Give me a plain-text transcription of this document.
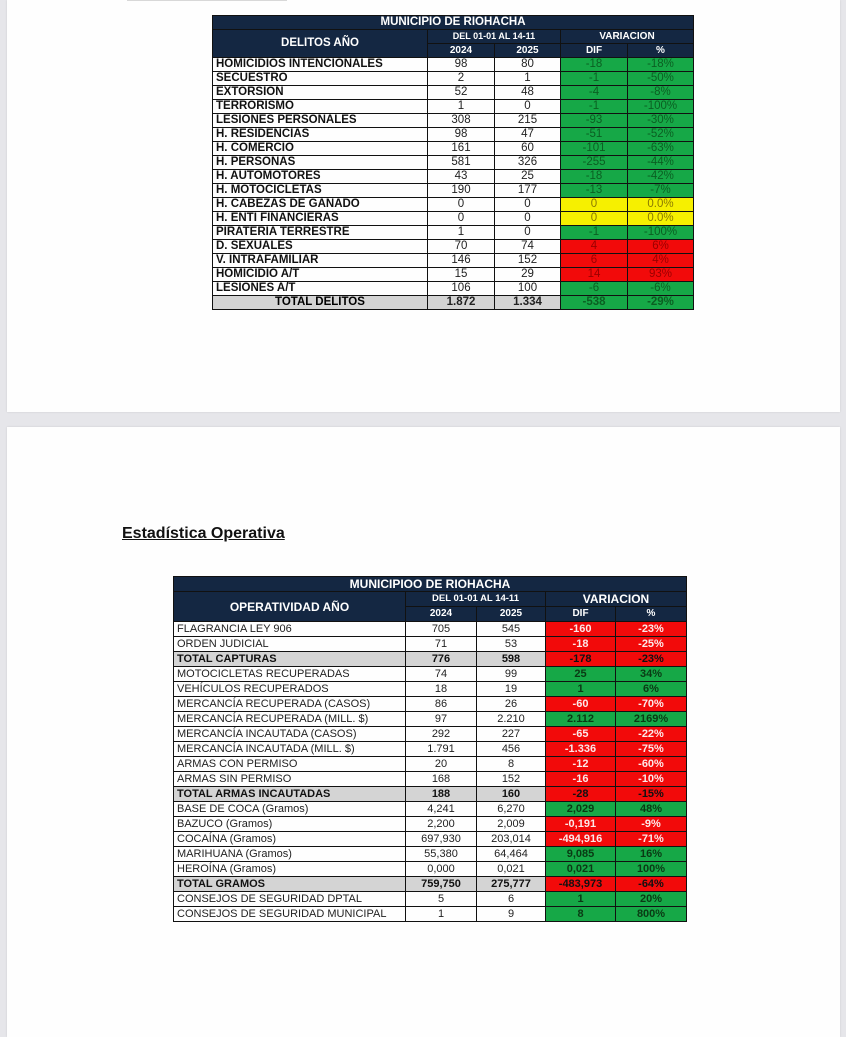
MUNICIPIO DE RIOHACHA				
DELITOS AÑO	DEL 01-01 AL 14-11		VARIACION	
	2024	2025	DIF	%
HOMICIDIOS INTENCIONALES	98	80	-18	-18%
SECUESTRO	2	1	-1	-50%
EXTORSION	52	48	-4	-8%
TERRORISMO	1	0	-1	-100%
LESIONES PERSONALES	308	215	-93	-30%
H. RESIDENCIAS	98	47	-51	-52%
H. COMERCIO	161	60	-101	-63%
H. PERSONAS	581	326	-255	-44%
H. AUTOMOTORES	43	25	-18	-42%
H. MOTOCICLETAS	190	177	-13	-7%
H. CABEZAS DE GANADO	0	0	0	0.0%
H. ENTI FINANCIERAS	0	0	0	0.0%
PIRATERIA TERRESTRE	1	0	-1	-100%
D. SEXUALES	70	74	4	6%
V. INTRAFAMILIAR	146	152	6	4%
HOMICIDIO A/T	15	29	14	93%
LESIONES A/T	106	100	-6	-6%
TOTAL DELITOS	1.872	1.334	-538	-29%
Estadística Operativa
MUNICIPIOO DE RIOHACHA				
OPERATIVIDAD AÑO	DEL 01-01 AL 14-11		VARIACION	
	2024	2025	DIF	%
FLAGRANCIA LEY 906	705	545	-160	-23%
ORDEN JUDICIAL	71	53	-18	-25%
TOTAL CAPTURAS	776	598	-178	-23%
MOTOCICLETAS RECUPERADAS	74	99	25	34%
VEHÍCULOS RECUPERADOS	18	19	1	6%
MERCANCÍA RECUPERADA (CASOS)	86	26	-60	-70%
MERCANCÍA RECUPERADA (MILL. $)	97	2.210	2.112	2169%
MERCANCÍA INCAUTADA (CASOS)	292	227	-65	-22%
MERCANCÍA INCAUTADA (MILL. $)	1.791	456	-1.336	-75%
ARMAS CON PERMISO	20	8	-12	-60%
ARMAS SIN PERMISO	168	152	-16	-10%
TOTAL ARMAS INCAUTADAS	188	160	-28	-15%
BASE DE COCA (Gramos)	4,241	6,270	2,029	48%
BAZUCO (Gramos)	2,200	2,009	-0,191	-9%
COCAÍNA (Gramos)	697,930	203,014	-494,916	-71%
MARIHUANA (Gramos)	55,380	64,464	9,085	16%
HEROÍNA (Gramos)	0,000	0,021	0,021	100%
TOTAL GRAMOS	759,750	275,777	-483,973	-64%
CONSEJOS DE SEGURIDAD DPTAL	5	6	1	20%
CONSEJOS DE SEGURIDAD MUNICIPAL	1	9	8	800%
